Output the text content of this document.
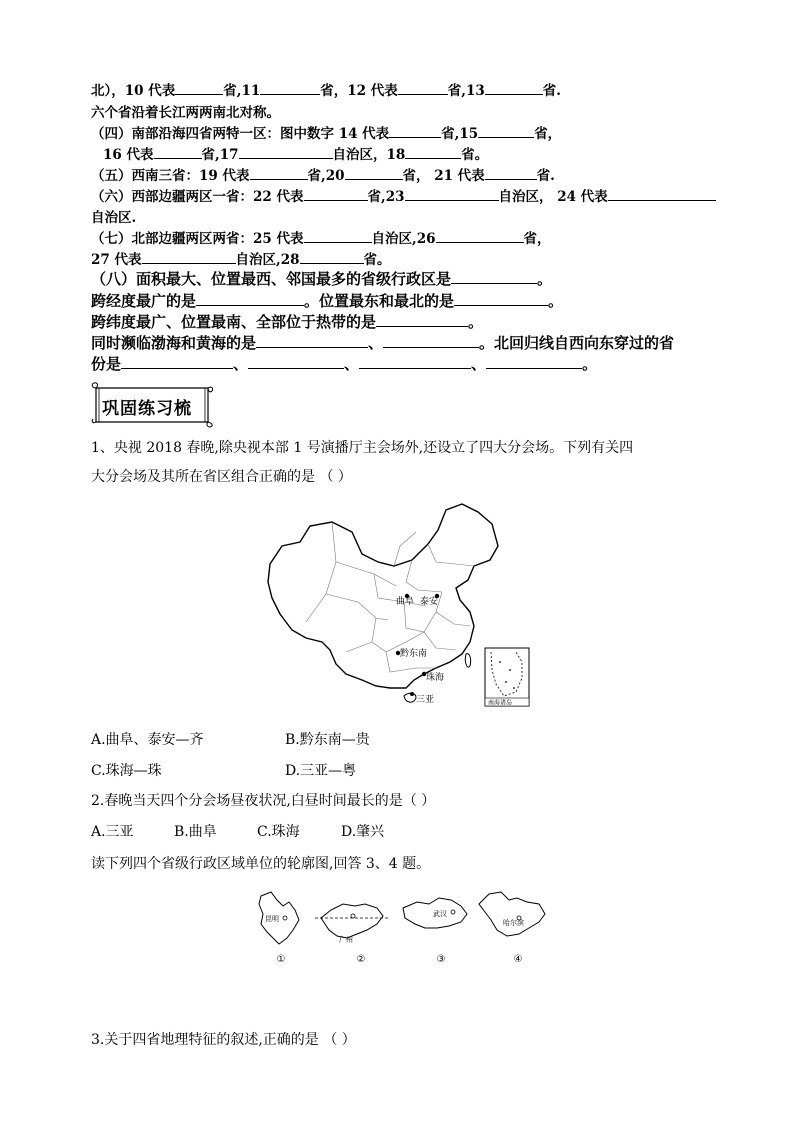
北），10 代表	省,11	省，12 代表	省,13	省.
六个省沿着长江两两南北对称。
（四）南部沿海四省两特一区：图中数字 14 代表	省,15	省，
16 代表	省,17	自治区，18	省。
（五）西南三省：19 代表	省,20	省， 21 代表	省.
（六）西部边疆两区一省：22 代表	省,23	自治区， 24 代表
自治区.
（七）北部边疆两区两省：25 代表	自治区,26	省，
27 代表	自治区,28	省。
（八）面积最大、位置最西、邻国最多的省级行政区是	。
跨经度最广的是	。位置最东和最北的是	。
跨纬度最广、位置最南、全部位于热带的是	。
同时濒临渤海和黄海的是	、	。北回归线自西向东穿过的省
份是	、	、	、	。
巩固练习梳
1、央视 2018 春晚,除央视本部 1 号演播厅主会场外,还设立了四大分会场。下列有关四
大分会场及其所在省区组合正确的是 （ ）
曲阜 泰安
黔东南
珠海
三亚	南海诸岛
A.曲阜、泰安—齐	B.黔东南—贵
C.珠海—珠	D.三亚—粤
2.春晚当天四个分会场昼夜状况,白昼时间最长的是（ ）
A.三亚	B.曲阜	C.珠海	D.肇兴
读下列四个省级行政区域单位的轮廓图,回答 3、4 题。
昆明
①
广州
②
武汉
③
哈尔滨
④
3.关于四省地理特征的叙述,正确的是 （ ）
